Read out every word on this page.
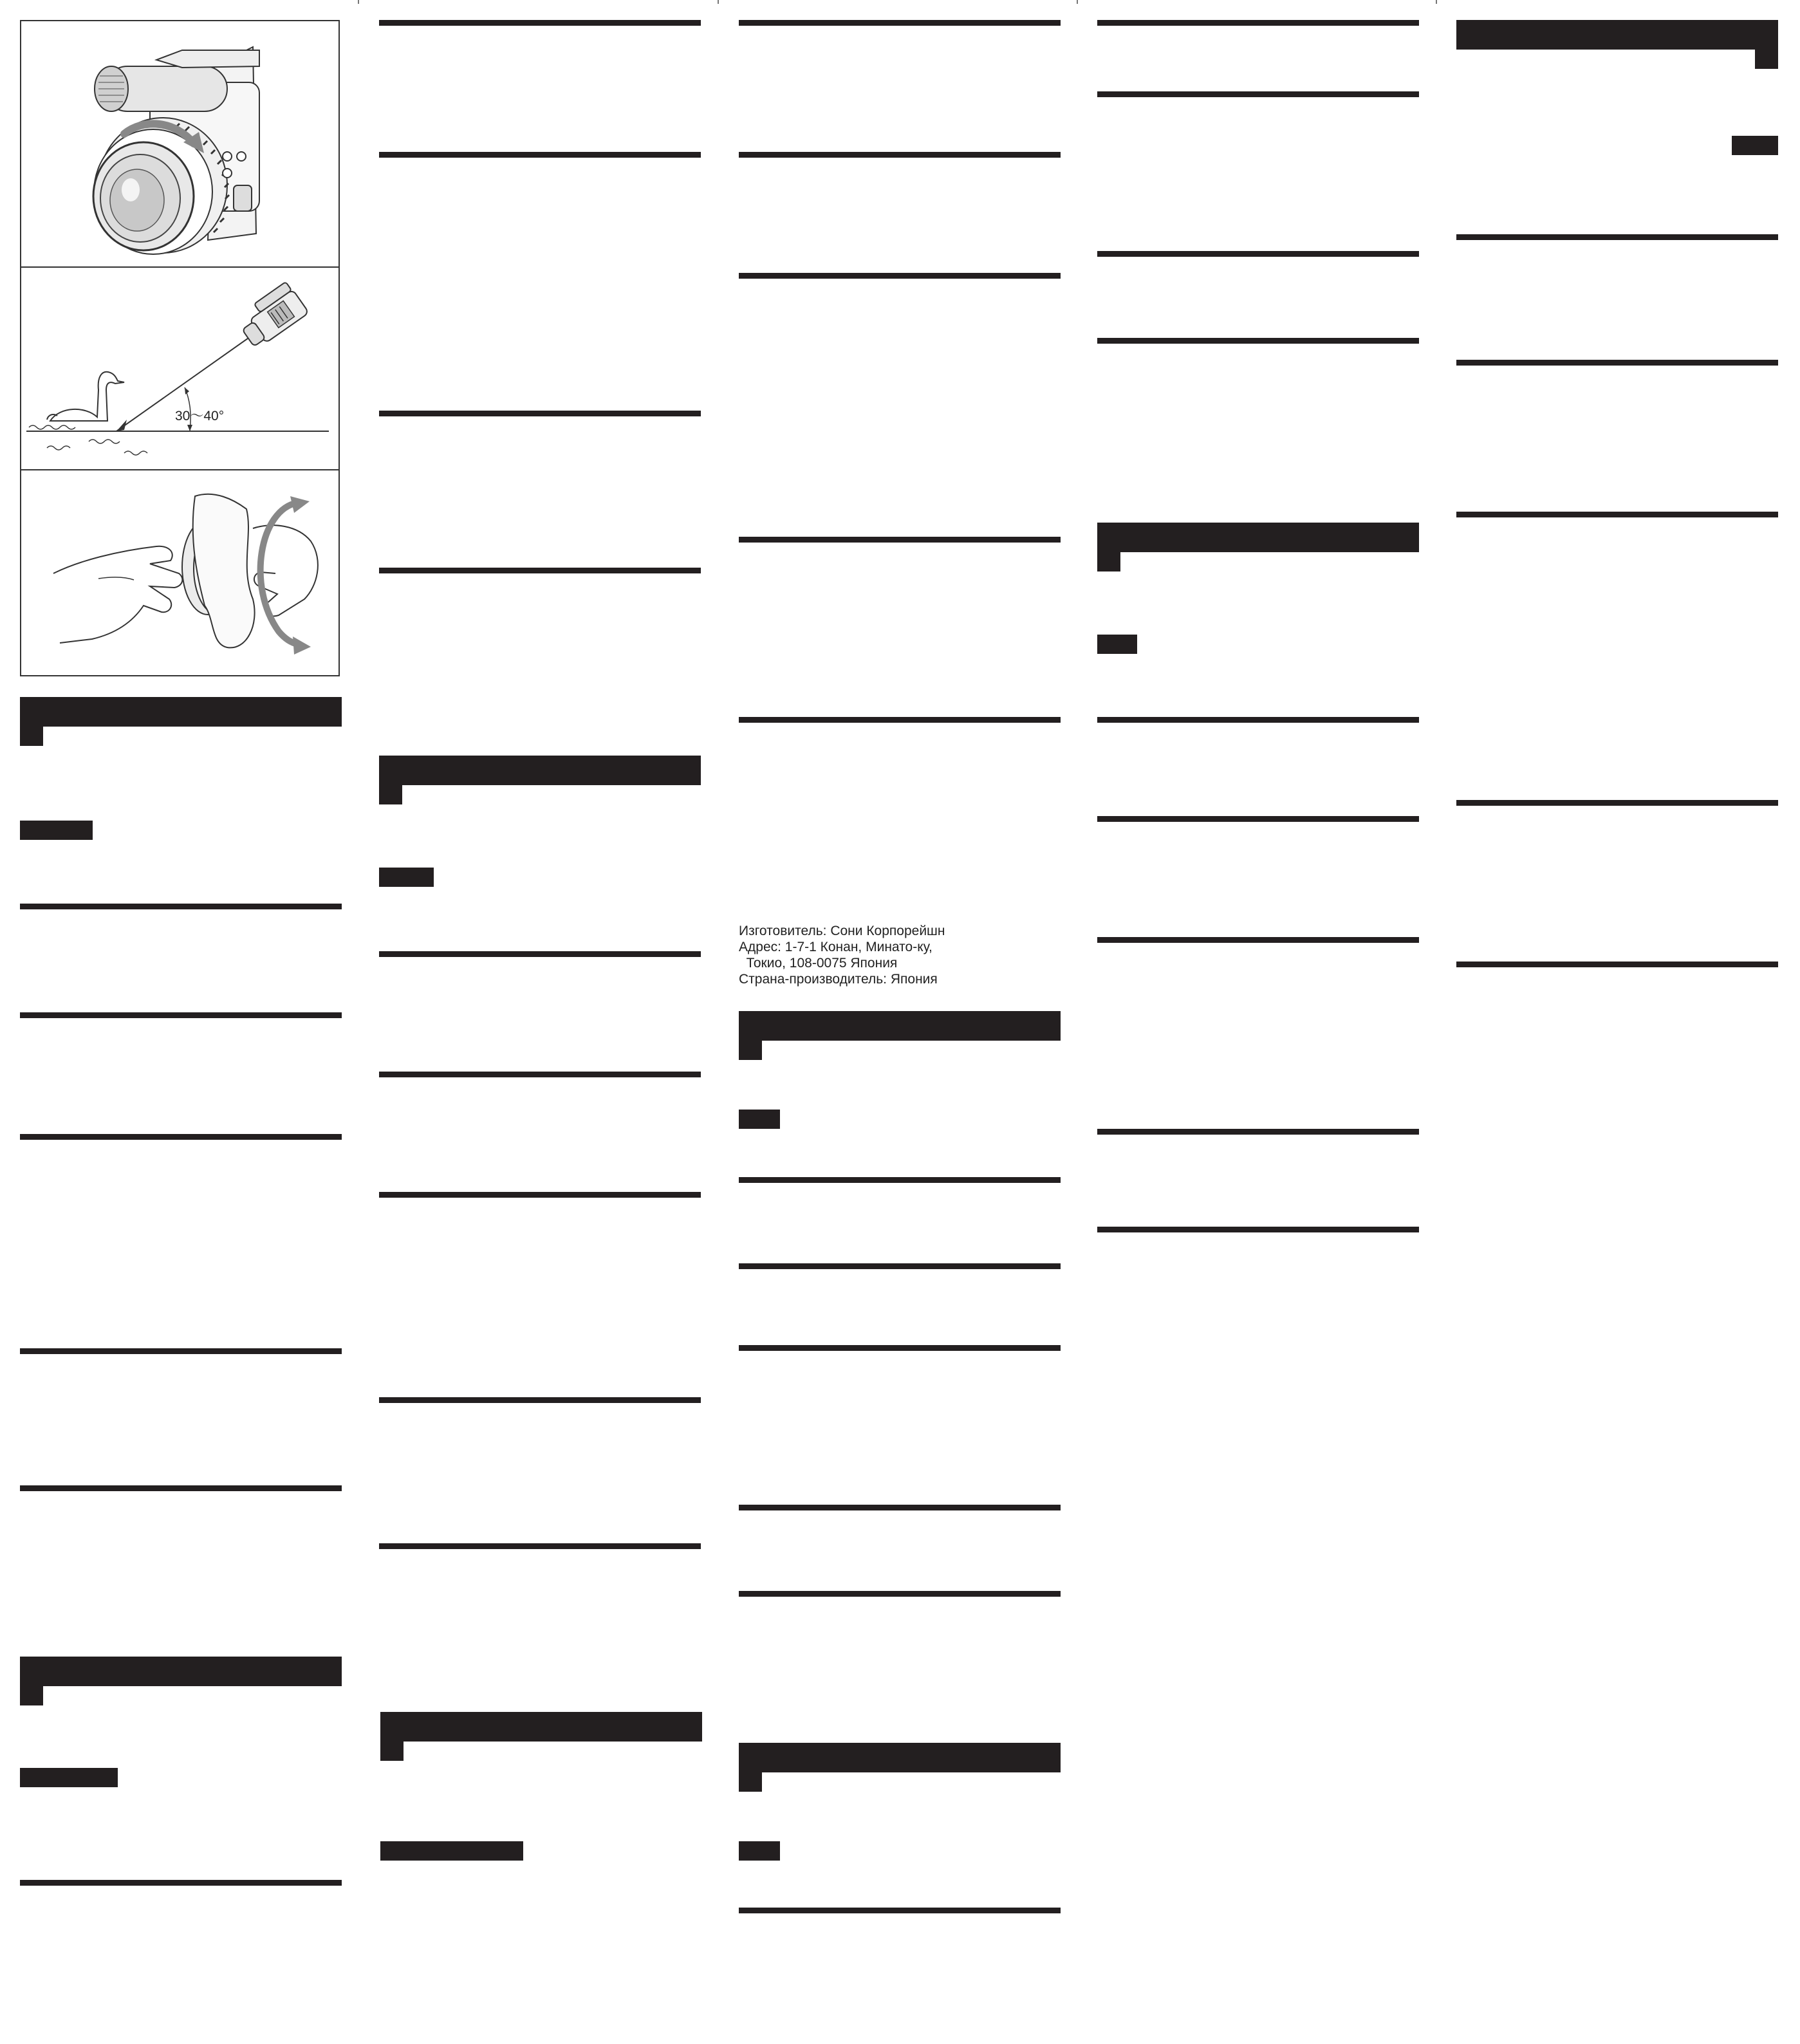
30〜40°
Изготовитель: Сони Корпорейшн
Адрес: 1-7-1 Конан, Минато-ку,
Токио, 108-0075 Япония
Страна-производитель: Япония
